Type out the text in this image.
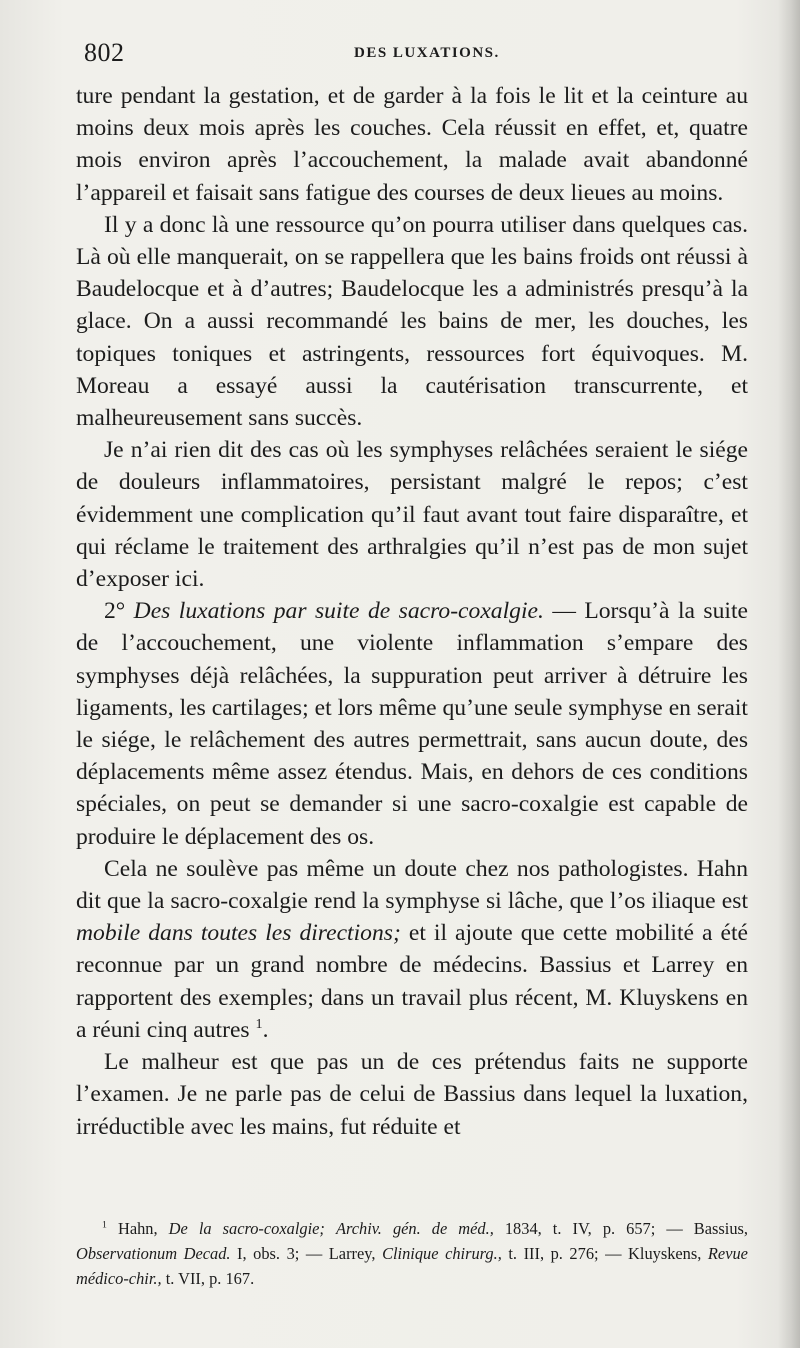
802	DES LUXATIONS.

ture pendant la gestation, et de garder à la fois le lit et la ceinture au moins deux mois après les couches. Cela réussit en effet, et, quatre mois environ après l’accouchement, la malade avait abandonné l’appareil et faisait sans fatigue des courses de deux lieues au moins.

Il y a donc là une ressource qu’on pourra utiliser dans quelques cas. Là où elle manquerait, on se rappellera que les bains froids ont réussi à Baudelocque et à d’autres; Baudelocque les a administrés presqu’à la glace. On a aussi recommandé les bains de mer, les douches, les topiques toniques et astringents, ressources fort équivoques. M. Moreau a essayé aussi la cautérisation transcurrente, et malheureusement sans succès.

Je n’ai rien dit des cas où les symphyses relâchées seraient le siége de douleurs inflammatoires, persistant malgré le repos; c’est évidemment une complication qu’il faut avant tout faire disparaître, et qui réclame le traitement des arthralgies qu’il n’est pas de mon sujet d’exposer ici.

2° Des luxations par suite de sacro-coxalgie. — Lorsqu’à la suite de l’accouchement, une violente inflammation s’empare des symphyses déjà relâchées, la suppuration peut arriver à détruire les ligaments, les cartilages; et lors même qu’une seule symphyse en serait le siége, le relâchement des autres permettrait, sans aucun doute, des déplacements même assez étendus. Mais, en dehors de ces conditions spéciales, on peut se demander si une sacro-coxalgie est capable de produire le déplacement des os.

Cela ne soulève pas même un doute chez nos pathologistes. Hahn dit que la sacro-coxalgie rend la symphyse si lâche, que l’os iliaque est mobile dans toutes les directions; et il ajoute que cette mobilité a été reconnue par un grand nombre de médecins. Bassius et Larrey en rapportent des exemples; dans un travail plus récent, M. Kluyskens en a réuni cinq autres $^1$.

Le malheur est que pas un de ces prétendus faits ne supporte l’examen. Je ne parle pas de celui de Bassius dans lequel la luxation, irréductible avec les mains, fut réduite et

$^1$ Hahn, De la sacro-coxalgie; Archiv. gén. de méd., 1834, t. IV, p. 657; — Bassius, Observationum Decad. I, obs. 3; — Larrey, Clinique chirurg., t. III, p. 276; — Kluyskens, Revue médico-chir., t. VII, p. 167.
